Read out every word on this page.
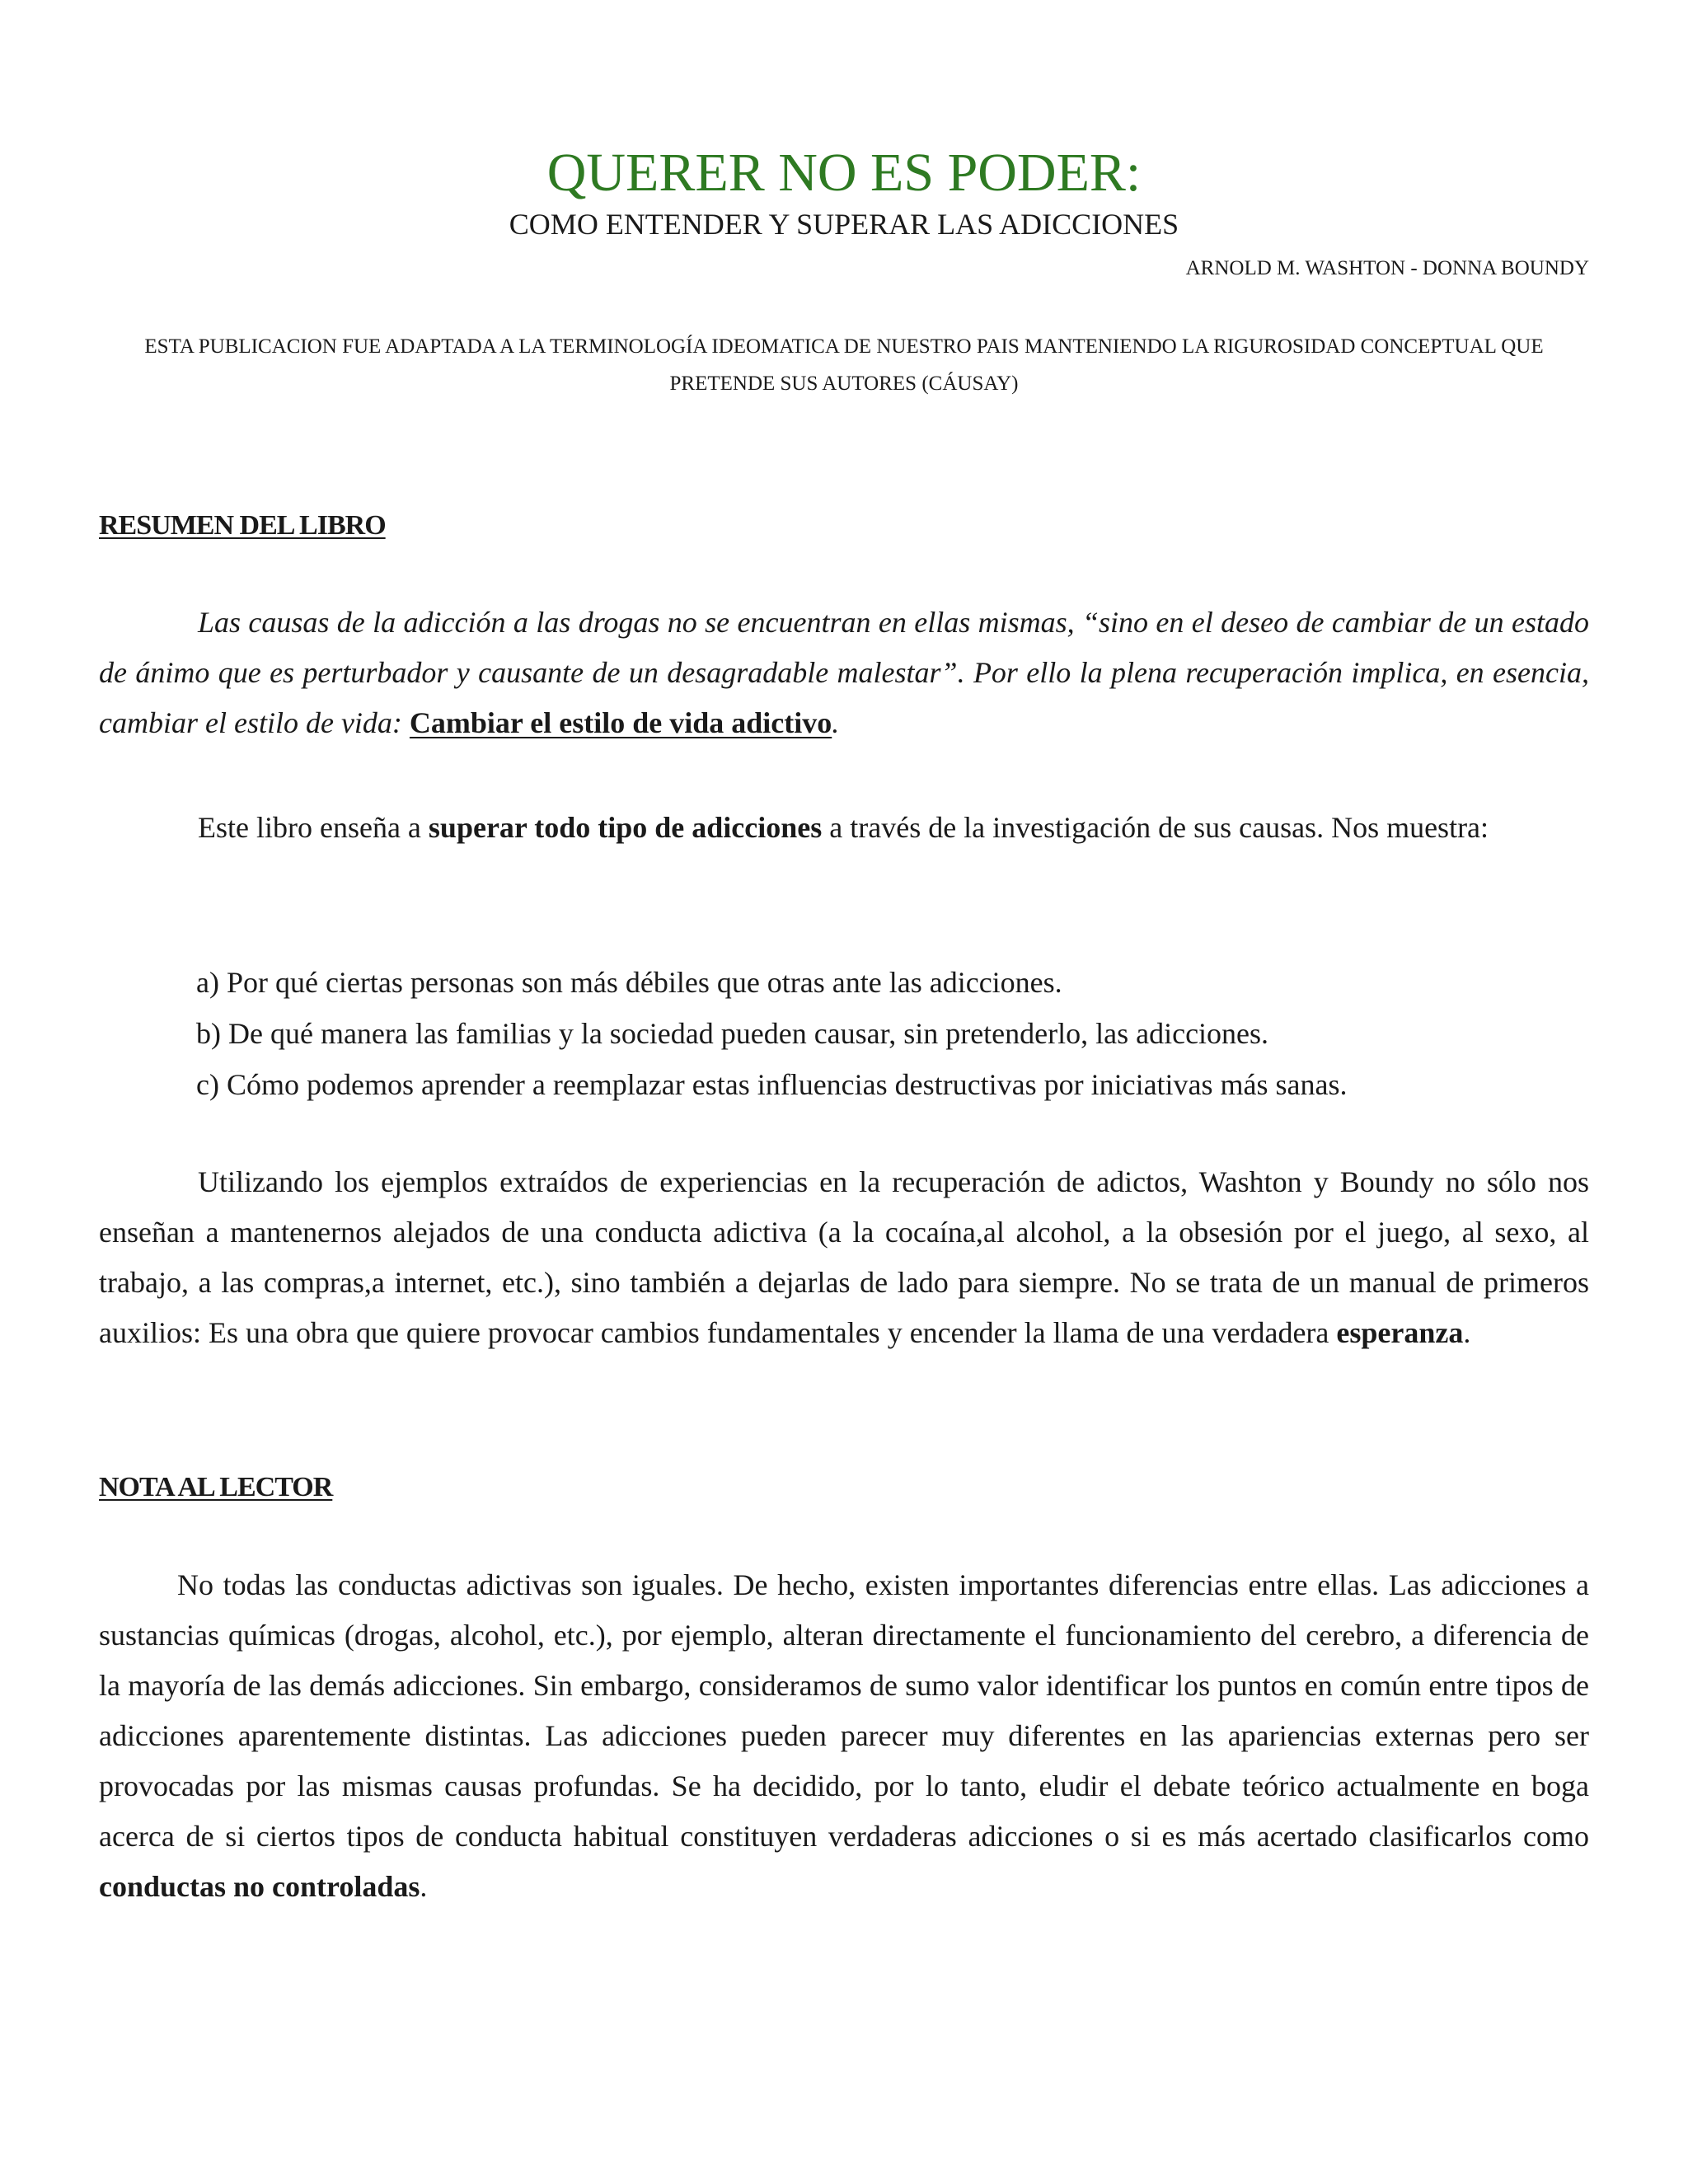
QUERER NO ES PODER:
COMO ENTENDER Y SUPERAR LAS ADICCIONES
ARNOLD M. WASHTON - DONNA BOUNDY
ESTA PUBLICACION FUE ADAPTADA A LA TERMINOLOGÍA IDEOMATICA DE NUESTRO PAIS MANTENIENDO LA RIGUROSIDAD CONCEPTUAL QUE PRETENDE SUS AUTORES (CÁUSAY)
RESUMEN DEL LIBRO

Las causas de la adicción a las drogas no se encuentran en ellas mismas, “sino en el deseo de cambiar de un estado de ánimo que es perturbador y causante de un desagradable malestar”. Por ello la plena recuperación implica, en esencia, cambiar el estilo de vida: Cambiar el estilo de vida adictivo.

Este libro enseña a superar todo tipo de adicciones a través de la investigación de sus causas. Nos muestra:

a) Por qué ciertas personas son más débiles que otras ante las adicciones.
b) De qué manera las familias y la sociedad pueden causar, sin pretenderlo, las adicciones.
c) Cómo podemos aprender a reemplazar estas influencias destructivas por iniciativas más sanas.

Utilizando los ejemplos extraídos de experiencias en la recuperación de adictos, Washton y Boundy no sólo nos enseñan a mantenernos alejados de una conducta adictiva (a la cocaína,al alcohol, a la obsesión por el juego, al sexo, al trabajo, a las compras,a internet, etc.), sino también a dejarlas de lado para siempre. No se trata de un manual de primeros auxilios: Es una obra que quiere provocar cambios fundamentales y encender la llama de una verdadera esperanza.

NOTA AL LECTOR

No todas las conductas adictivas son iguales. De hecho, existen importantes diferencias entre ellas. Las adicciones a sustancias químicas (drogas, alcohol, etc.), por ejemplo, alteran directamente el funcionamiento del cerebro, a diferencia de la mayoría de las demás adicciones. Sin embargo, consideramos de sumo valor identificar los puntos en común entre tipos de adicciones aparentemente distintas. Las adicciones pueden parecer muy diferentes en las apariencias externas pero ser provocadas por las mismas causas profundas. Se ha decidido, por lo tanto, eludir el debate teórico actualmente en boga acerca de si ciertos tipos de conducta habitual constituyen verdaderas adicciones o si es más acertado clasificarlos como conductas no controladas.
